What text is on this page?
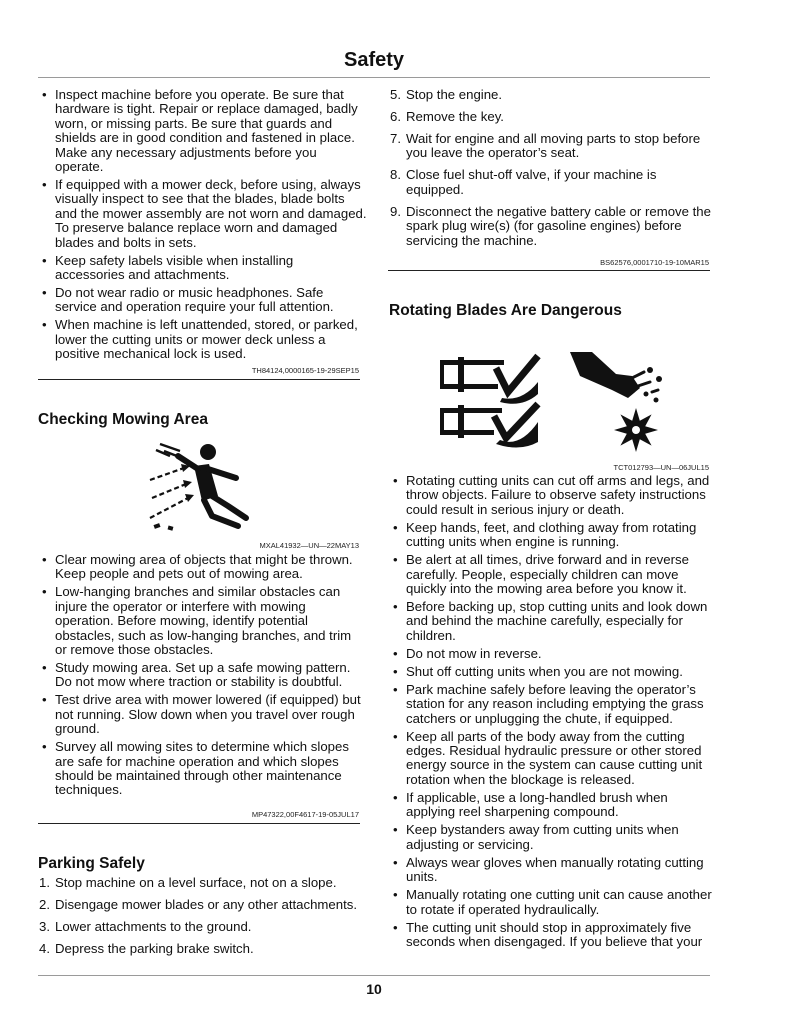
Safety
• Inspect machine before you operate. Be sure that
hardware is tight. Repair or replace damaged, badly
worn, or missing parts. Be sure that guards and
shields are in good condition and fastened in place.
Make any necessary adjustments before you
operate.
• If equipped with a mower deck, before using, always
visually inspect to see that the blades, blade bolts
and the mower assembly are not worn and damaged.
To preserve balance replace worn and damaged
blades and bolts in sets.
• Keep safety labels visible when installing
accessories and attachments.
• Do not wear radio or music headphones. Safe
service and operation require your full attention.
• When machine is left unattended, stored, or parked,
lower the cutting units or mower deck unless a
positive mechanical lock is used.
TH84124,0000165-19-29SEP15
Checking Mowing Area
MXAL41932—UN—22MAY13
• Clear mowing area of objects that might be thrown.
Keep people and pets out of mowing area.
• Low-hanging branches and similar obstacles can
injure the operator or interfere with mowing
operation. Before mowing, identify potential
obstacles, such as low-hanging branches, and trim
or remove those obstacles.
• Study mowing area. Set up a safe mowing pattern.
Do not mow where traction or stability is doubtful.
• Test drive area with mower lowered (if equipped) but
not running. Slow down when you travel over rough
ground.
• Survey all mowing sites to determine which slopes
are safe for machine operation and which slopes
should be maintained through other maintenance
techniques.
MP47322,00F4617-19-05JUL17
Parking Safely
1. Stop machine on a level surface, not on a slope.
2. Disengage mower blades or any other attachments.
3. Lower attachments to the ground.
4. Depress the parking brake switch.
5. Stop the engine.
6. Remove the key.
7. Wait for engine and all moving parts to stop before
you leave the operator’s seat.
8. Close fuel shut-off valve, if your machine is
equipped.
9. Disconnect the negative battery cable or remove the
spark plug wire(s) (for gasoline engines) before
servicing the machine.
BS62576,0001710-19-10MAR15
Rotating Blades Are Dangerous
TCT012793—UN—06JUL15
• Rotating cutting units can cut off arms and legs, and
throw objects. Failure to observe safety instructions
could result in serious injury or death.
• Keep hands, feet, and clothing away from rotating
cutting units when engine is running.
• Be alert at all times, drive forward and in reverse
carefully. People, especially children can move
quickly into the mowing area before you know it.
• Before backing up, stop cutting units and look down
and behind the machine carefully, especially for
children.
• Do not mow in reverse.
• Shut off cutting units when you are not mowing.
• Park machine safely before leaving the operator’s
station for any reason including emptying the grass
catchers or unplugging the chute, if equipped.
• Keep all parts of the body away from the cutting
edges. Residual hydraulic pressure or other stored
energy source in the system can cause cutting unit
rotation when the blockage is released.
• If applicable, use a long-handled brush when
applying reel sharpening compound.
• Keep bystanders away from cutting units when
adjusting or servicing.
• Always wear gloves when manually rotating cutting
units.
• Manually rotating one cutting unit can cause another
to rotate if operated hydraulically.
• The cutting unit should stop in approximately five
seconds when disengaged. If you believe that your
10
